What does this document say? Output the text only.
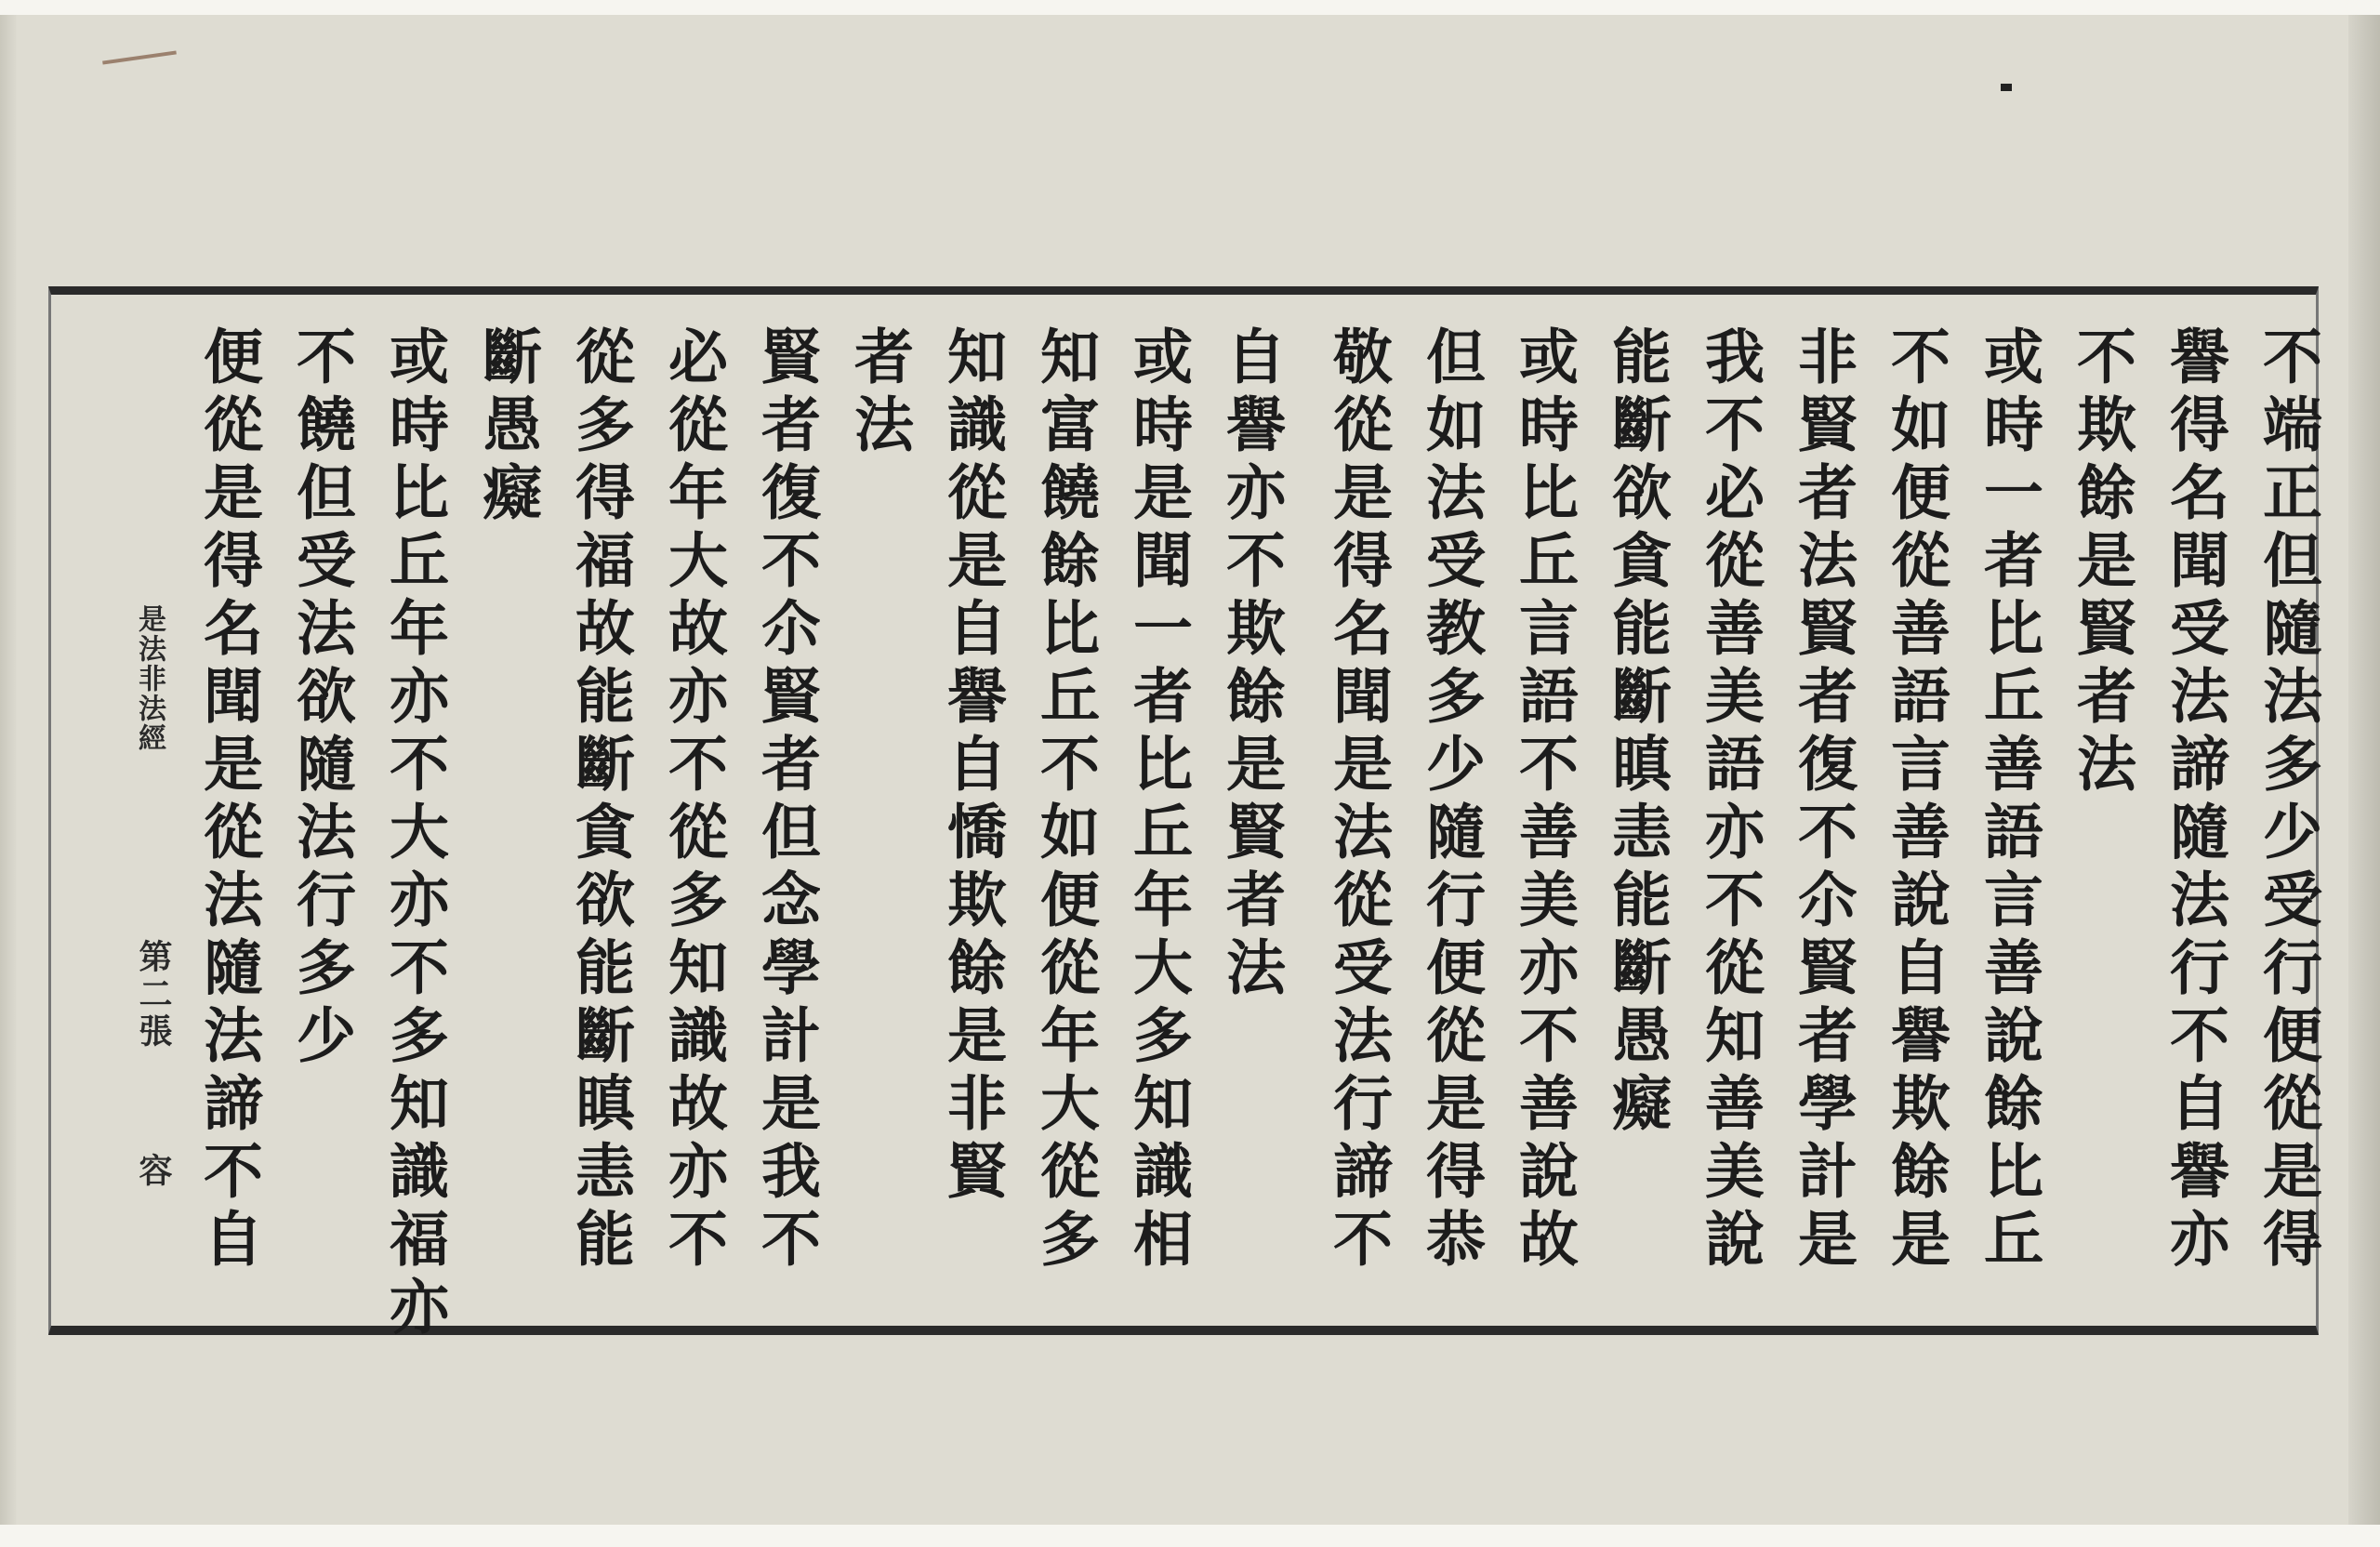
不端正但隨法多少受行便從是得
譽得名聞受法諦隨法行不自譽亦
不欺餘是賢者法
或時一者比丘善語言善說餘比丘
不如便從善語言善說自譽欺餘是
非賢者法賢者復不尒賢者學計是
我不必從善美語亦不從知善美說
能斷欲貪能斷瞋恚能斷愚癡
或時比丘言語不善美亦不善說故
但如法受教多少隨行便從是得恭
敬從是得名聞是法從受法行諦不
自譽亦不欺餘是賢者法
或時是聞一者比丘年大多知識相
知富饒餘比丘不如便從年大從多
知識從是自譽自憍欺餘是非賢
者法
賢者復不尒賢者但念學計是我不
必從年大故亦不從多知識故亦不
從多得福故能斷貪欲能斷瞋恚能
斷愚癡
或時比丘年亦不大亦不多知識福亦
不饒但受法欲隨法行多少
便從是得名聞是從法隨法諦不自
是法非法經
第二張
容
